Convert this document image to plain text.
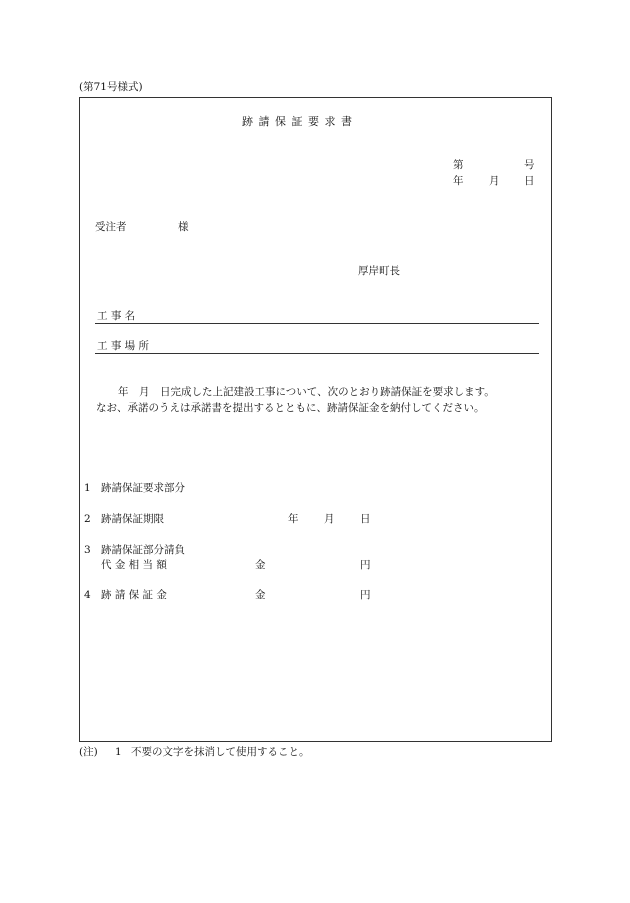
(第71号様式)
跡 請 保 証 要 求 書
第	号
年 月 日
受注者	様
厚岸町長
工 事 名
工 事 場 所
年　月　日完成した上記建設工事について、次のとおり跡請保証を要求します。
なお、承諾のうえは承諾書を提出するとともに、跡請保証金を納付してください。
1 跡請保証要求部分
2 跡請保証期限	年 月 日
3 跡請保証部分請負
代 金 相 当 額	金	円
4 跡 請 保 証 金	金	円
(注) 1 不要の文字を抹消して使用すること。
